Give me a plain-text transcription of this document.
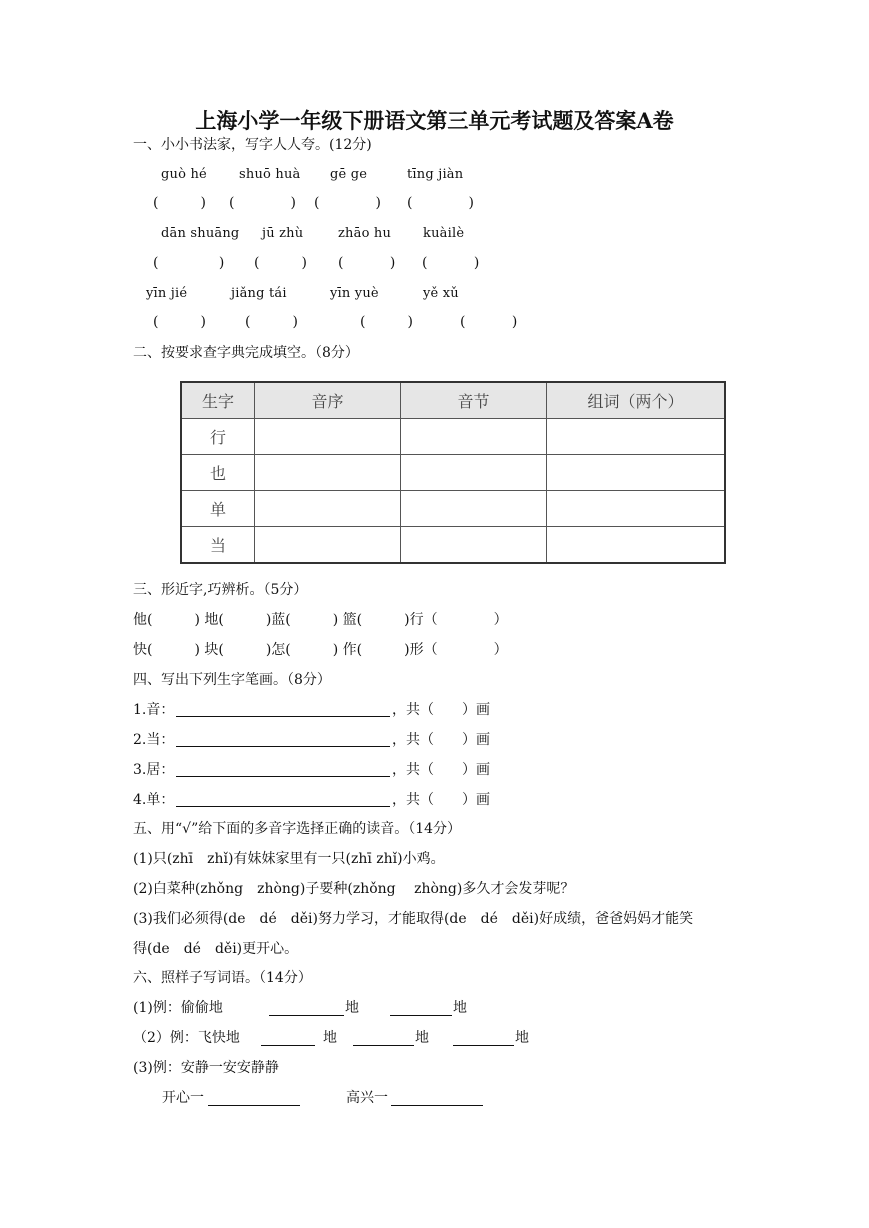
上海小学一年级下册语文第三单元考试题及答案A卷
一、小小书法家，写字人人夸。(12分)
guò hé shuō huà gē ge	tīng jiàn
(　　　) (　　　　) (　　　　) (　　　　)
dān shuāng jū zhù	zhāo hu kuàilè
(　　　　 ) (　　　) (　　　 ) (　　　 )
yīn jié	jiǎng tái	yīn yuè	yě xǔ
(　　　)	(　　　)	(　　　)	(　　　 )
二、按要求查字典完成填空。（8分）
生字	音序	音节	组词（两个）
行			
也			
单			
当			
三、形近字,巧辨析。（5分）
他(　　　) 地(　　　)蓝(　　　) 篮(　　　)行（　　　　）
快(　　　) 块(　　　)怎(　　　) 作(　　　)形（　　　　）
四、写出下列生字笔画。（8分）
1.音：	，共（　　）画
2.当：	，共（　　）画
3.居：	，共（　　）画
4.单：	，共（　　）画
五、用“√”给下面的多音字选择正确的读音。（14分）
(1)只(zhī　zhǐ)有妹妹家里有一只(zhī zhǐ)小鸡。
(2)白菜种(zhǒng　zhòng)子要种(zhǒng　 zhòng)多久才会发芽呢？
(3)我们必须得(de　dé　děi)努力学习，才能取得(de　dé　děi)好成绩，爸爸妈妈才能笑
得(de　dé　děi)更开心。
六、照样子写词语。（14分）
(1)例：偷偷地	地	地
（2）例：飞快地	地	地	地
(3)例：安静一安安静静
开心一	高兴一
